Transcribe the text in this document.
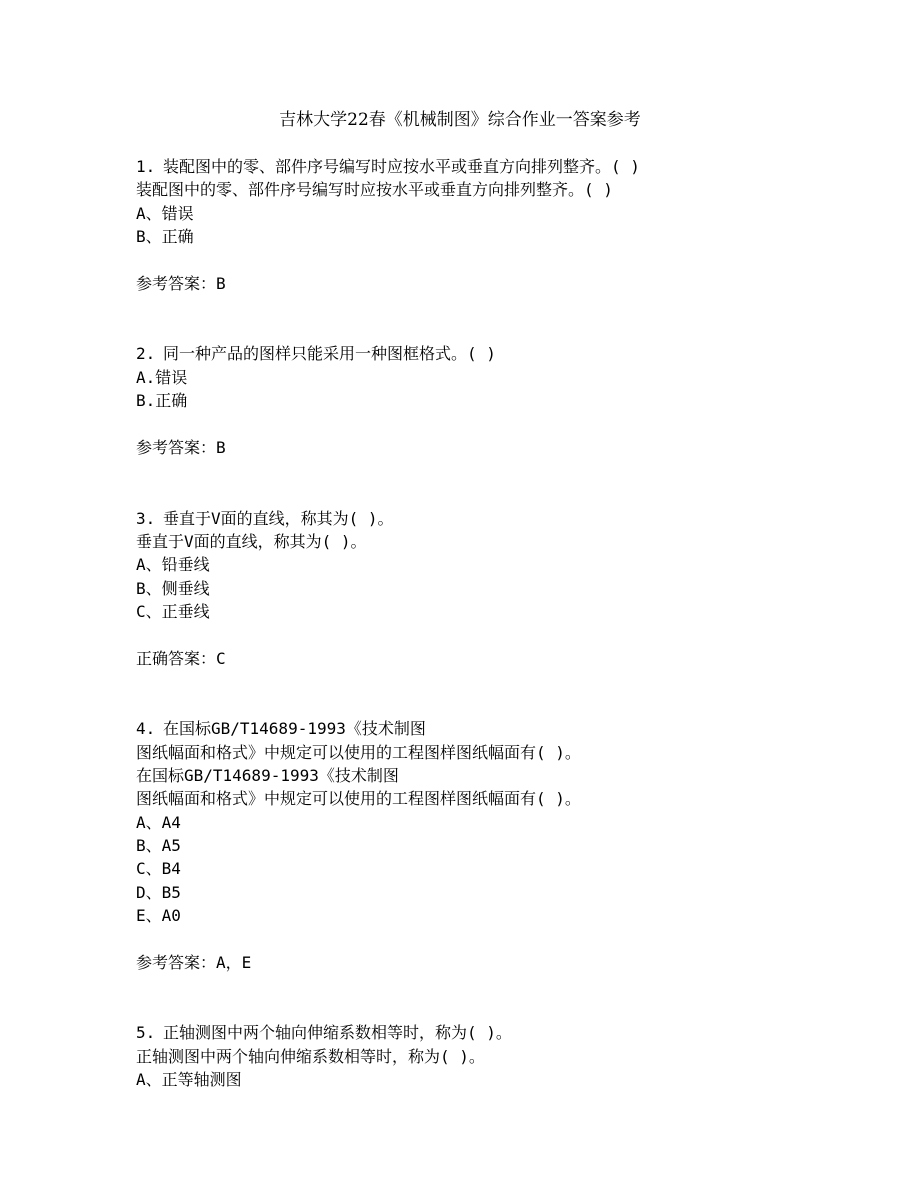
吉林大学22春《机械制图》综合作业一答案参考
1. 装配图中的零、部件序号编写时应按水平或垂直方向排列整齐。( )
装配图中的零、部件序号编写时应按水平或垂直方向排列整齐。( )
A、错误
B、正确
参考答案：B
2. 同一种产品的图样只能采用一种图框格式。( )
A.错误
B.正确
参考答案：B
3. 垂直于V面的直线，称其为( )。
垂直于V面的直线，称其为( )。
A、铅垂线
B、侧垂线
C、正垂线
正确答案：C
4. 在国标GB/T14689-1993《技术制图
图纸幅面和格式》中规定可以使用的工程图样图纸幅面有( )。
在国标GB/T14689-1993《技术制图
图纸幅面和格式》中规定可以使用的工程图样图纸幅面有( )。
A、A4
B、A5
C、B4
D、B5
E、A0
参考答案：A，E
5. 正轴测图中两个轴向伸缩系数相等时，称为( )。
正轴测图中两个轴向伸缩系数相等时，称为( )。
A、正等轴测图
